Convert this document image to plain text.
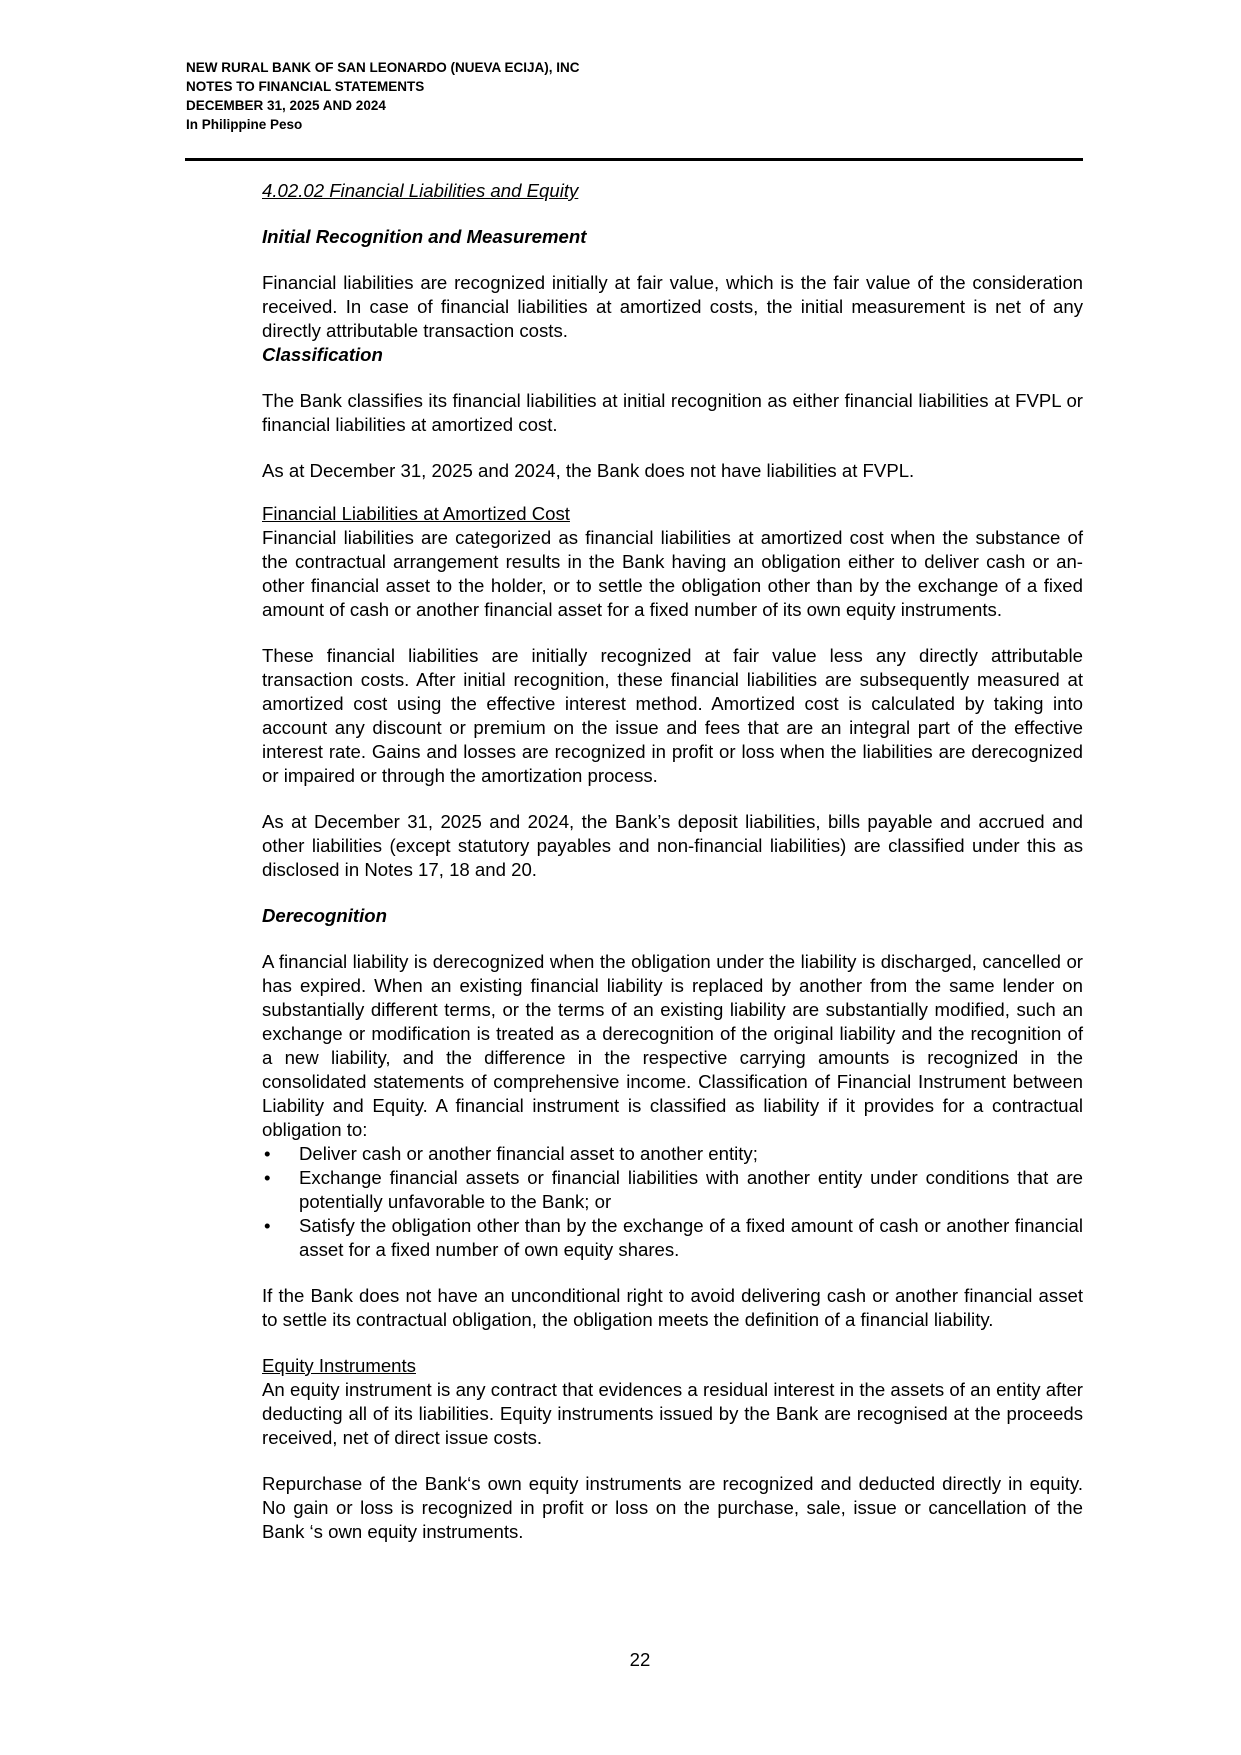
NEW RURAL BANK OF SAN LEONARDO (NUEVA ECIJA), INC
NOTES TO FINANCIAL STATEMENTS
DECEMBER 31, 2025 AND 2024
In Philippine Peso

4.02.02 Financial Liabilities and Equity

Initial Recognition and Measurement

Financial liabilities are recognized initially at fair value, which is the fair value of the consideration received. In case of financial liabilities at amortized costs, the initial measurement is net of any directly attributable transaction costs.

Classification

The Bank classifies its financial liabilities at initial recognition as either financial liabilities at FVPL or financial liabilities at amortized cost.

As at December 31, 2025 and 2024, the Bank does not have liabilities at FVPL.

Financial Liabilities at Amortized Cost

Financial liabilities are categorized as financial liabilities at amortized cost when the substance of the contractual arrangement results in the Bank having an obligation either to deliver cash or an-other financial asset to the holder, or to settle the obligation other than by the exchange of a fixed amount of cash or another financial asset for a fixed number of its own equity instruments.

These financial liabilities are initially recognized at fair value less any directly attributable transaction costs. After initial recognition, these financial liabilities are subsequently measured at amortized cost using the effective interest method. Amortized cost is calculated by taking into account any discount or premium on the issue and fees that are an integral part of the effective interest rate. Gains and losses are recognized in profit or loss when the liabilities are derecognized or impaired or through the amortization process.

As at December 31, 2025 and 2024, the Bank’s deposit liabilities, bills payable and accrued and other liabilities (except statutory payables and non-financial liabilities) are classified under this as disclosed in Notes 17, 18 and 20.

Derecognition

A financial liability is derecognized when the obligation under the liability is discharged, cancelled or has expired. When an existing financial liability is replaced by another from the same lender on substantially different terms, or the terms of an existing liability are substantially modified, such an exchange or modification is treated as a derecognition of the original liability and the recognition of a new liability, and the difference in the respective carrying amounts is recognized in the consolidated statements of comprehensive income. Classification of Financial Instrument between Liability and Equity. A financial instrument is classified as liability if it provides for a contractual obligation to:

• Deliver cash or another financial asset to another entity;
• Exchange financial assets or financial liabilities with another entity under conditions that are potentially unfavorable to the Bank; or
• Satisfy the obligation other than by the exchange of a fixed amount of cash or another financial asset for a fixed number of own equity shares.

If the Bank does not have an unconditional right to avoid delivering cash or another financial asset to settle its contractual obligation, the obligation meets the definition of a financial liability.

Equity Instruments

An equity instrument is any contract that evidences a residual interest in the assets of an entity after deducting all of its liabilities. Equity instruments issued by the Bank are recognised at the proceeds received, net of direct issue costs.

Repurchase of the Bank‘s own equity instruments are recognized and deducted directly in equity. No gain or loss is recognized in profit or loss on the purchase, sale, issue or cancellation of the Bank ‘s own equity instruments.

22
